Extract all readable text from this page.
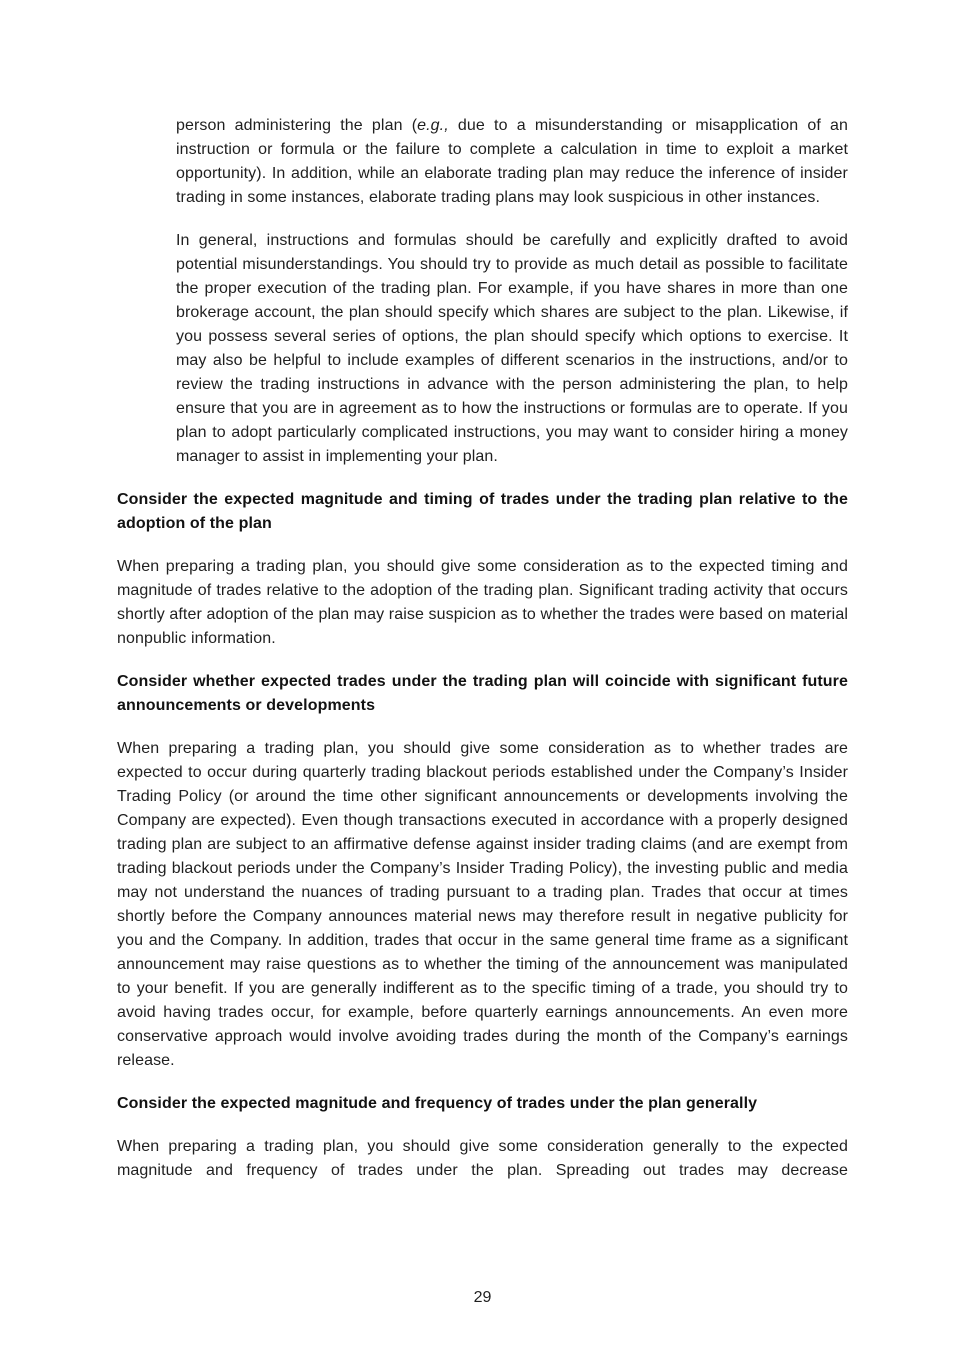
person administering the plan (e.g., due to a misunderstanding or misapplication of an instruction or formula or the failure to complete a calculation in time to exploit a market opportunity). In addition, while an elaborate trading plan may reduce the inference of insider trading in some instances, elaborate trading plans may look suspicious in other instances.

In general, instructions and formulas should be carefully and explicitly drafted to avoid potential misunderstandings. You should try to provide as much detail as possible to facilitate the proper execution of the trading plan. For example, if you have shares in more than one brokerage account, the plan should specify which shares are subject to the plan. Likewise, if you possess several series of options, the plan should specify which options to exercise. It may also be helpful to include examples of different scenarios in the instructions, and/or to review the trading instructions in advance with the person administering the plan, to help ensure that you are in agreement as to how the instructions or formulas are to operate. If you plan to adopt particularly complicated instructions, you may want to consider hiring a money manager to assist in implementing your plan.

Consider the expected magnitude and timing of trades under the trading plan relative to the adoption of the plan

When preparing a trading plan, you should give some consideration as to the expected timing and magnitude of trades relative to the adoption of the trading plan. Significant trading activity that occurs shortly after adoption of the plan may raise suspicion as to whether the trades were based on material nonpublic information.

Consider whether expected trades under the trading plan will coincide with significant future announcements or developments

When preparing a trading plan, you should give some consideration as to whether trades are expected to occur during quarterly trading blackout periods established under the Company’s Insider Trading Policy (or around the time other significant announcements or developments involving the Company are expected). Even though transactions executed in accordance with a properly designed trading plan are subject to an affirmative defense against insider trading claims (and are exempt from trading blackout periods under the Company’s Insider Trading Policy), the investing public and media may not understand the nuances of trading pursuant to a trading plan. Trades that occur at times shortly before the Company announces material news may therefore result in negative publicity for you and the Company. In addition, trades that occur in the same general time frame as a significant announcement may raise questions as to whether the timing of the announcement was manipulated to your benefit. If you are generally indifferent as to the specific timing of a trade, you should try to avoid having trades occur, for example, before quarterly earnings announcements. An even more conservative approach would involve avoiding trades during the month of the Company’s earnings release.

Consider the expected magnitude and frequency of trades under the plan generally

When preparing a trading plan, you should give some consideration generally to the expected magnitude and frequency of trades under the plan. Spreading out trades may decrease

29
